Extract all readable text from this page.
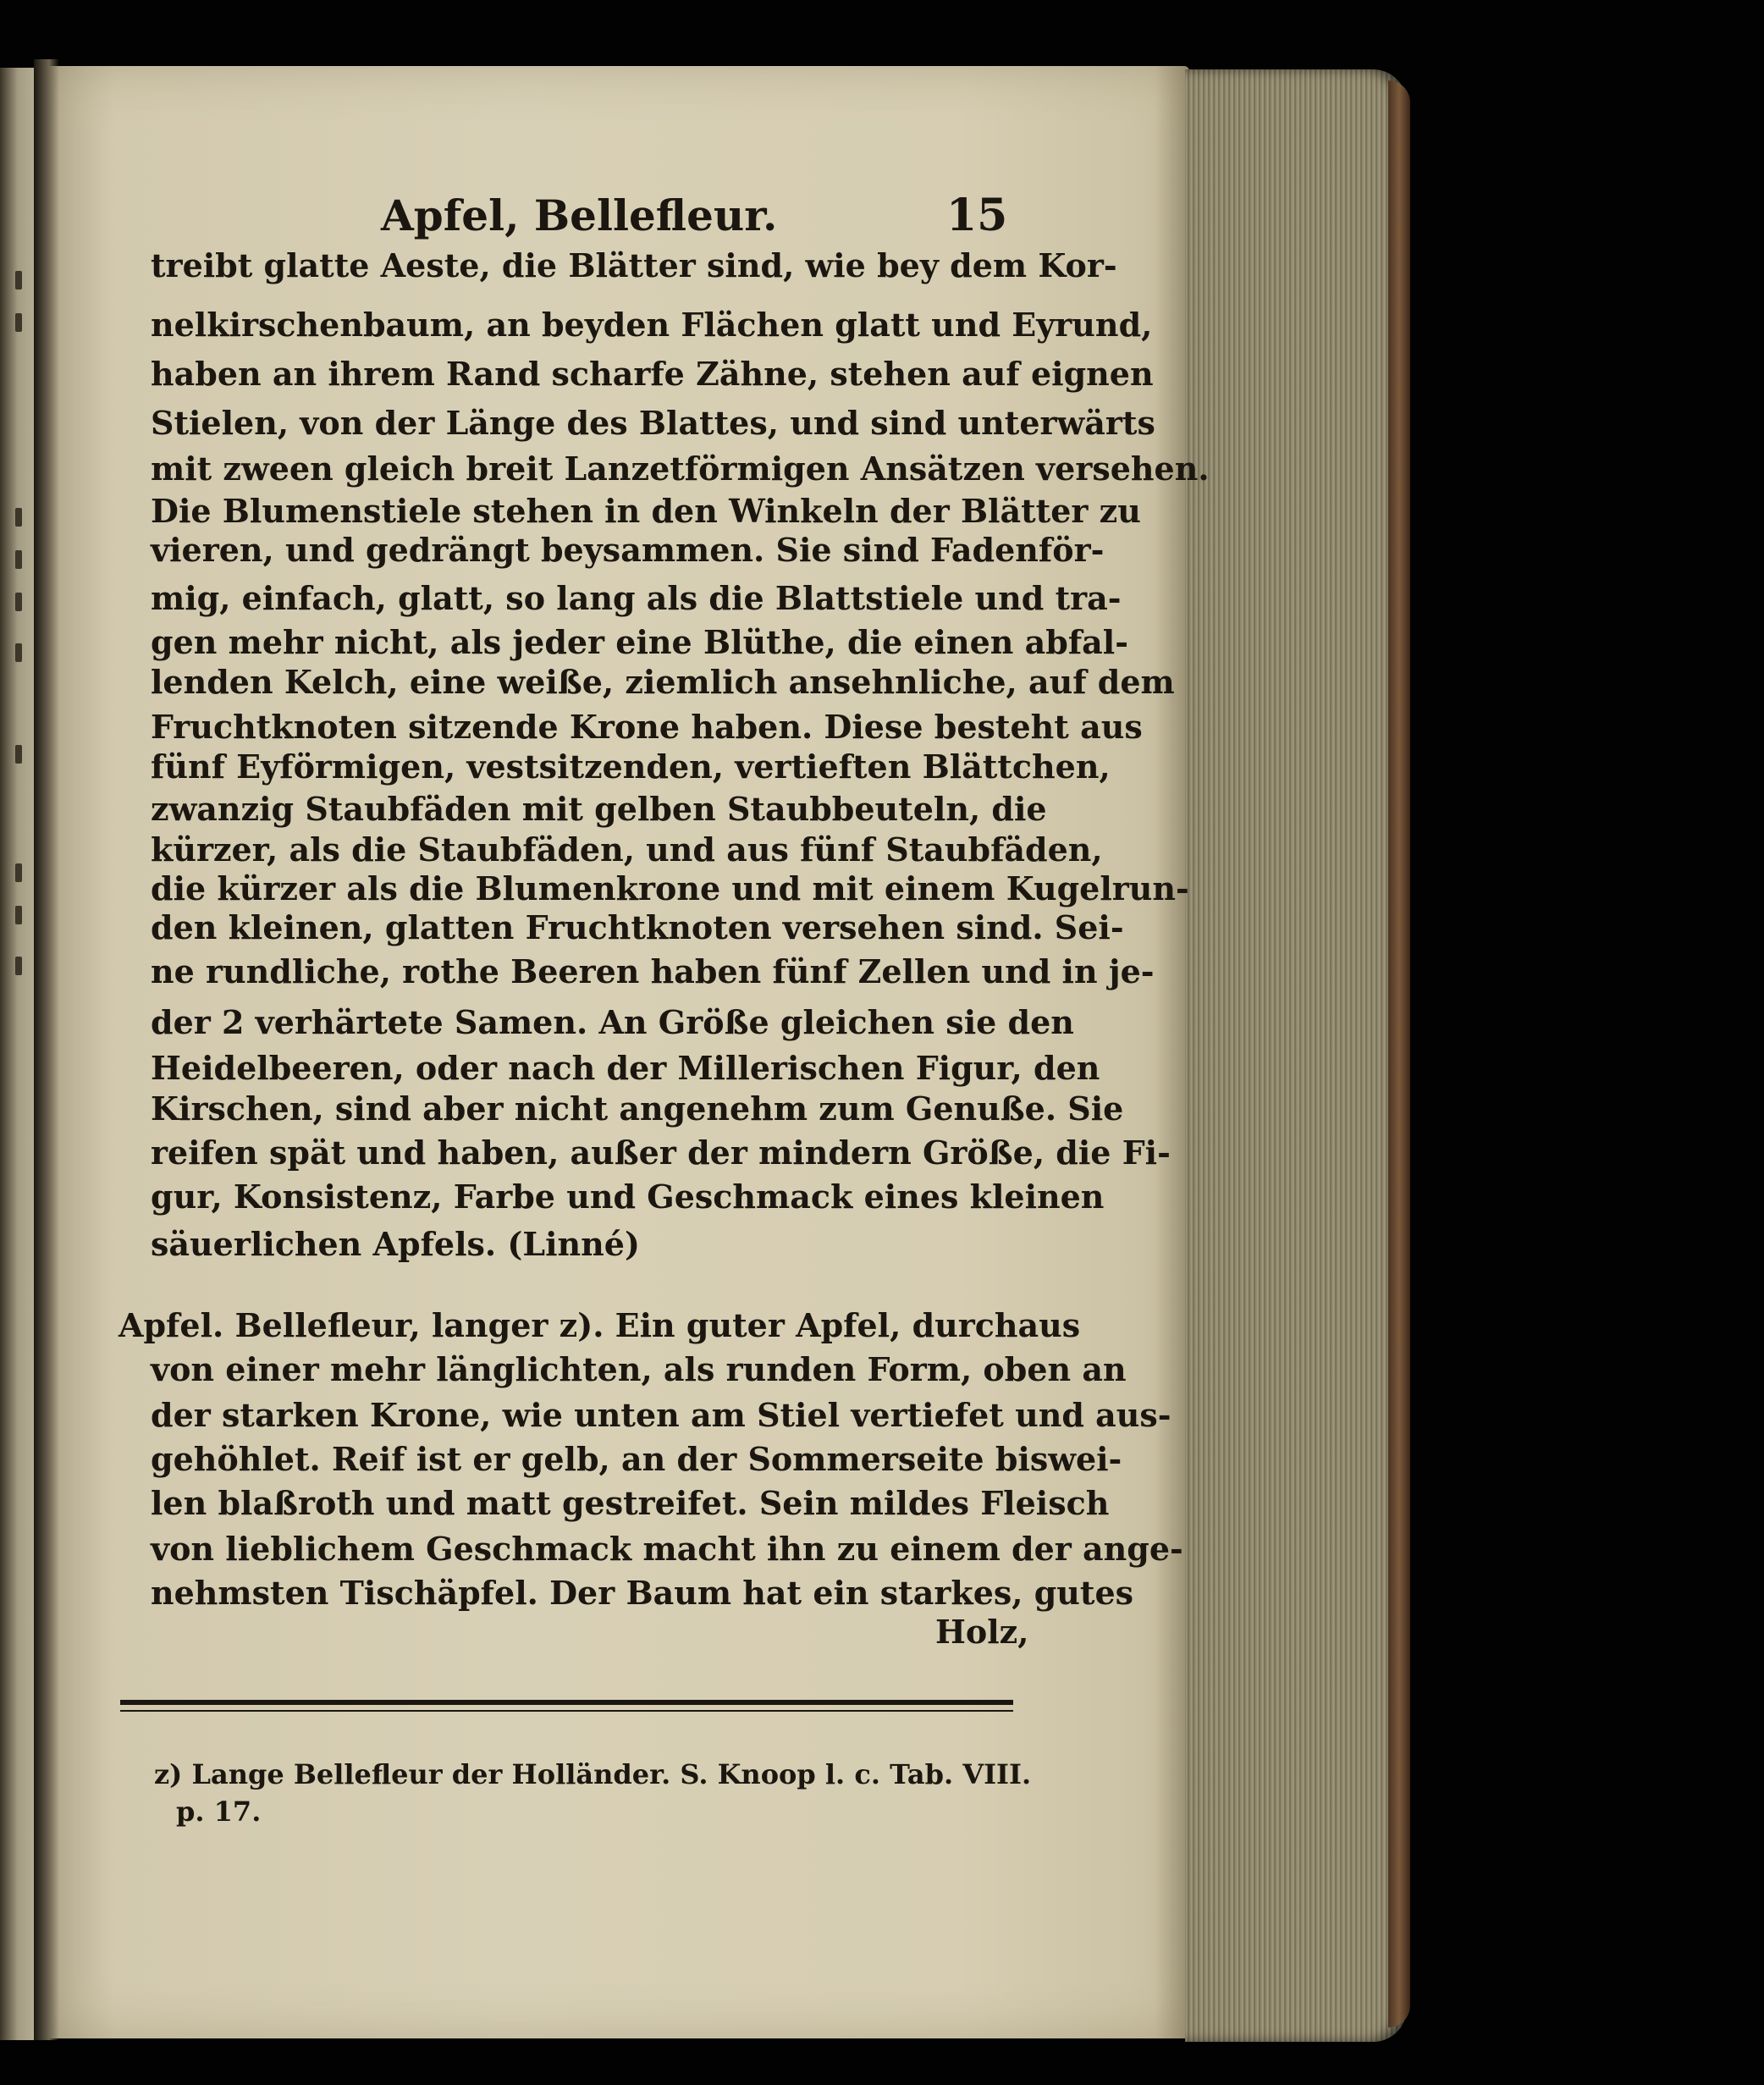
Apfel, Bellefleur.	15
treibt glatte Aeste, die Blätter sind, wie bey dem Kor-
nelkirschenbaum, an beyden Flächen glatt und Eyrund,
haben an ihrem Rand scharfe Zähne, stehen auf eignen
Stielen, von der Länge des Blattes, und sind unterwärts
mit zween gleich breit Lanzetförmigen Ansätzen versehen.
Die Blumenstiele stehen in den Winkeln der Blätter zu
vieren, und gedrängt beysammen. Sie sind Fadenför-
mig, einfach, glatt, so lang als die Blattstiele und tra-
gen mehr nicht, als jeder eine Blüthe, die einen abfal-
lenden Kelch, eine weiße, ziemlich ansehnliche, auf dem
Fruchtknoten sitzende Krone haben. Diese besteht aus
fünf Eyförmigen, vestsitzenden, vertieften Blättchen,
zwanzig Staubfäden mit gelben Staubbeuteln, die
kürzer, als die Staubfäden, und aus fünf Staubfäden,
die kürzer als die Blumenkrone und mit einem Kugelrun-
den kleinen, glatten Fruchtknoten versehen sind. Sei-
ne rundliche, rothe Beeren haben fünf Zellen und in je-
der 2 verhärtete Samen. An Größe gleichen sie den
Heidelbeeren, oder nach der Millerischen Figur, den
Kirschen, sind aber nicht angenehm zum Genuße. Sie
reifen spät und haben, außer der mindern Größe, die Fi-
gur, Konsistenz, Farbe und Geschmack eines kleinen
säuerlichen Apfels. (Linné)
Apfel. Bellefleur, langer z). Ein guter Apfel, durchaus
von einer mehr länglichten, als runden Form, oben an
der starken Krone, wie unten am Stiel vertiefet und aus-
gehöhlet. Reif ist er gelb, an der Sommerseite biswei-
len blaßroth und matt gestreifet. Sein mildes Fleisch
von lieblichem Geschmack macht ihn zu einem der ange-
nehmsten Tischäpfel. Der Baum hat ein starkes, gutes
Holz,
z) Lange Bellefleur der Holländer. S. Knoop l. c. Tab. VIII.
p. 17.
